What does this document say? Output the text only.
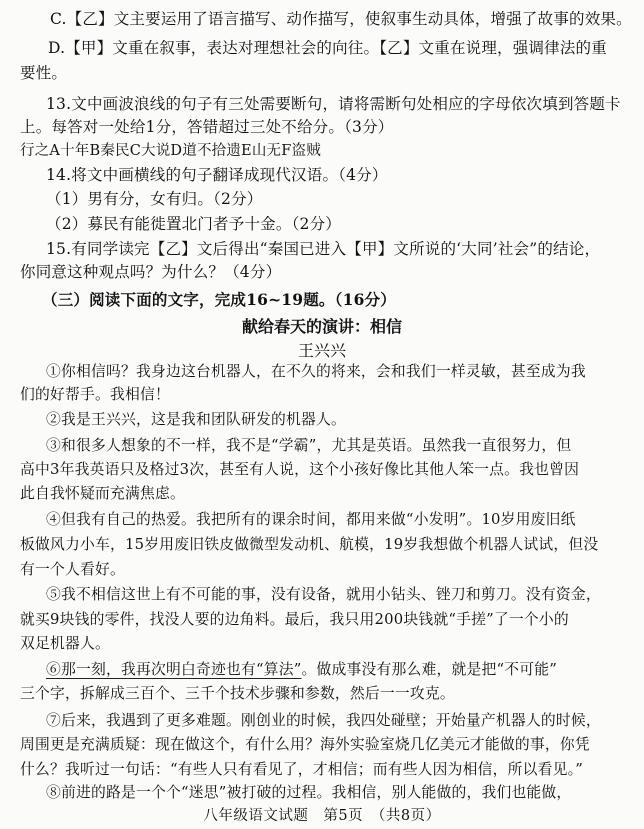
C.【乙】文主要运用了语言描写、动作描写，使叙事生动具体，增强了故事的效果。
D.【甲】文重在叙事，表达对理想社会的向往。【乙】文重在说理，强调律法的重
要性。
13.文中画波浪线的句子有三处需要断句，请将需断句处相应的字母依次填到答题卡
上。每答对一处给1分，答错超过三处不给分。（3分）
行之A十年B秦民C大说D道不拾遗E山无F盗贼
14.将文中画横线的句子翻译成现代汉语。（4分）
（1）男有分，女有归。（2分）
（2）募民有能徙置北门者予十金。（2分）
15.有同学读完【乙】文后得出“秦国已进入【甲】文所说的‘大同’社会”的结论，
你同意这种观点吗？为什么？（4分）
（三）阅读下面的文字，完成16~19题。（16分）
献给春天的演讲：相信
王兴兴
①你相信吗？我身边这台机器人，在不久的将来，会和我们一样灵敏，甚至成为我
们的好帮手。我相信！
②我是王兴兴，这是我和团队研发的机器人。
③和很多人想象的不一样，我不是“学霸”，尤其是英语。虽然我一直很努力，但
高中3年我英语只及格过3次，甚至有人说，这个小孩好像比其他人笨一点。我也曾因
此自我怀疑而充满焦虑。
④但我有自己的热爱。我把所有的课余时间，都用来做“小发明”。10岁用废旧纸
板做风力小车，15岁用废旧铁皮做微型发动机、航模，19岁我想做个机器人试试，但没
有一个人看好。
⑤我不相信这世上有不可能的事，没有设备，就用小钻头、锉刀和剪刀。没有资金，
就买9块钱的零件，找没人要的边角料。最后，我只用200块钱就“手搓”了一个小的
双足机器人。
⑥那一刻，我再次明白奇迹也有“算法”。做成事没有那么难，就是把“不可能”
三个字，拆解成三百个、三千个技术步骤和参数，然后一一攻克。
⑦后来，我遇到了更多难题。刚创业的时候，我四处碰壁；开始量产机器人的时候，
周围更是充满质疑：现在做这个，有什么用？海外实验室烧几亿美元才能做的事，你凭
什么？我听过一句话：“有些人只有看见了，才相信；而有些人因为相信，所以看见。”
⑧前进的路是一个个“迷思”被打破的过程。我相信，别人能做的，我们也能做，
八年级语文试题　第5页　（共8页）
